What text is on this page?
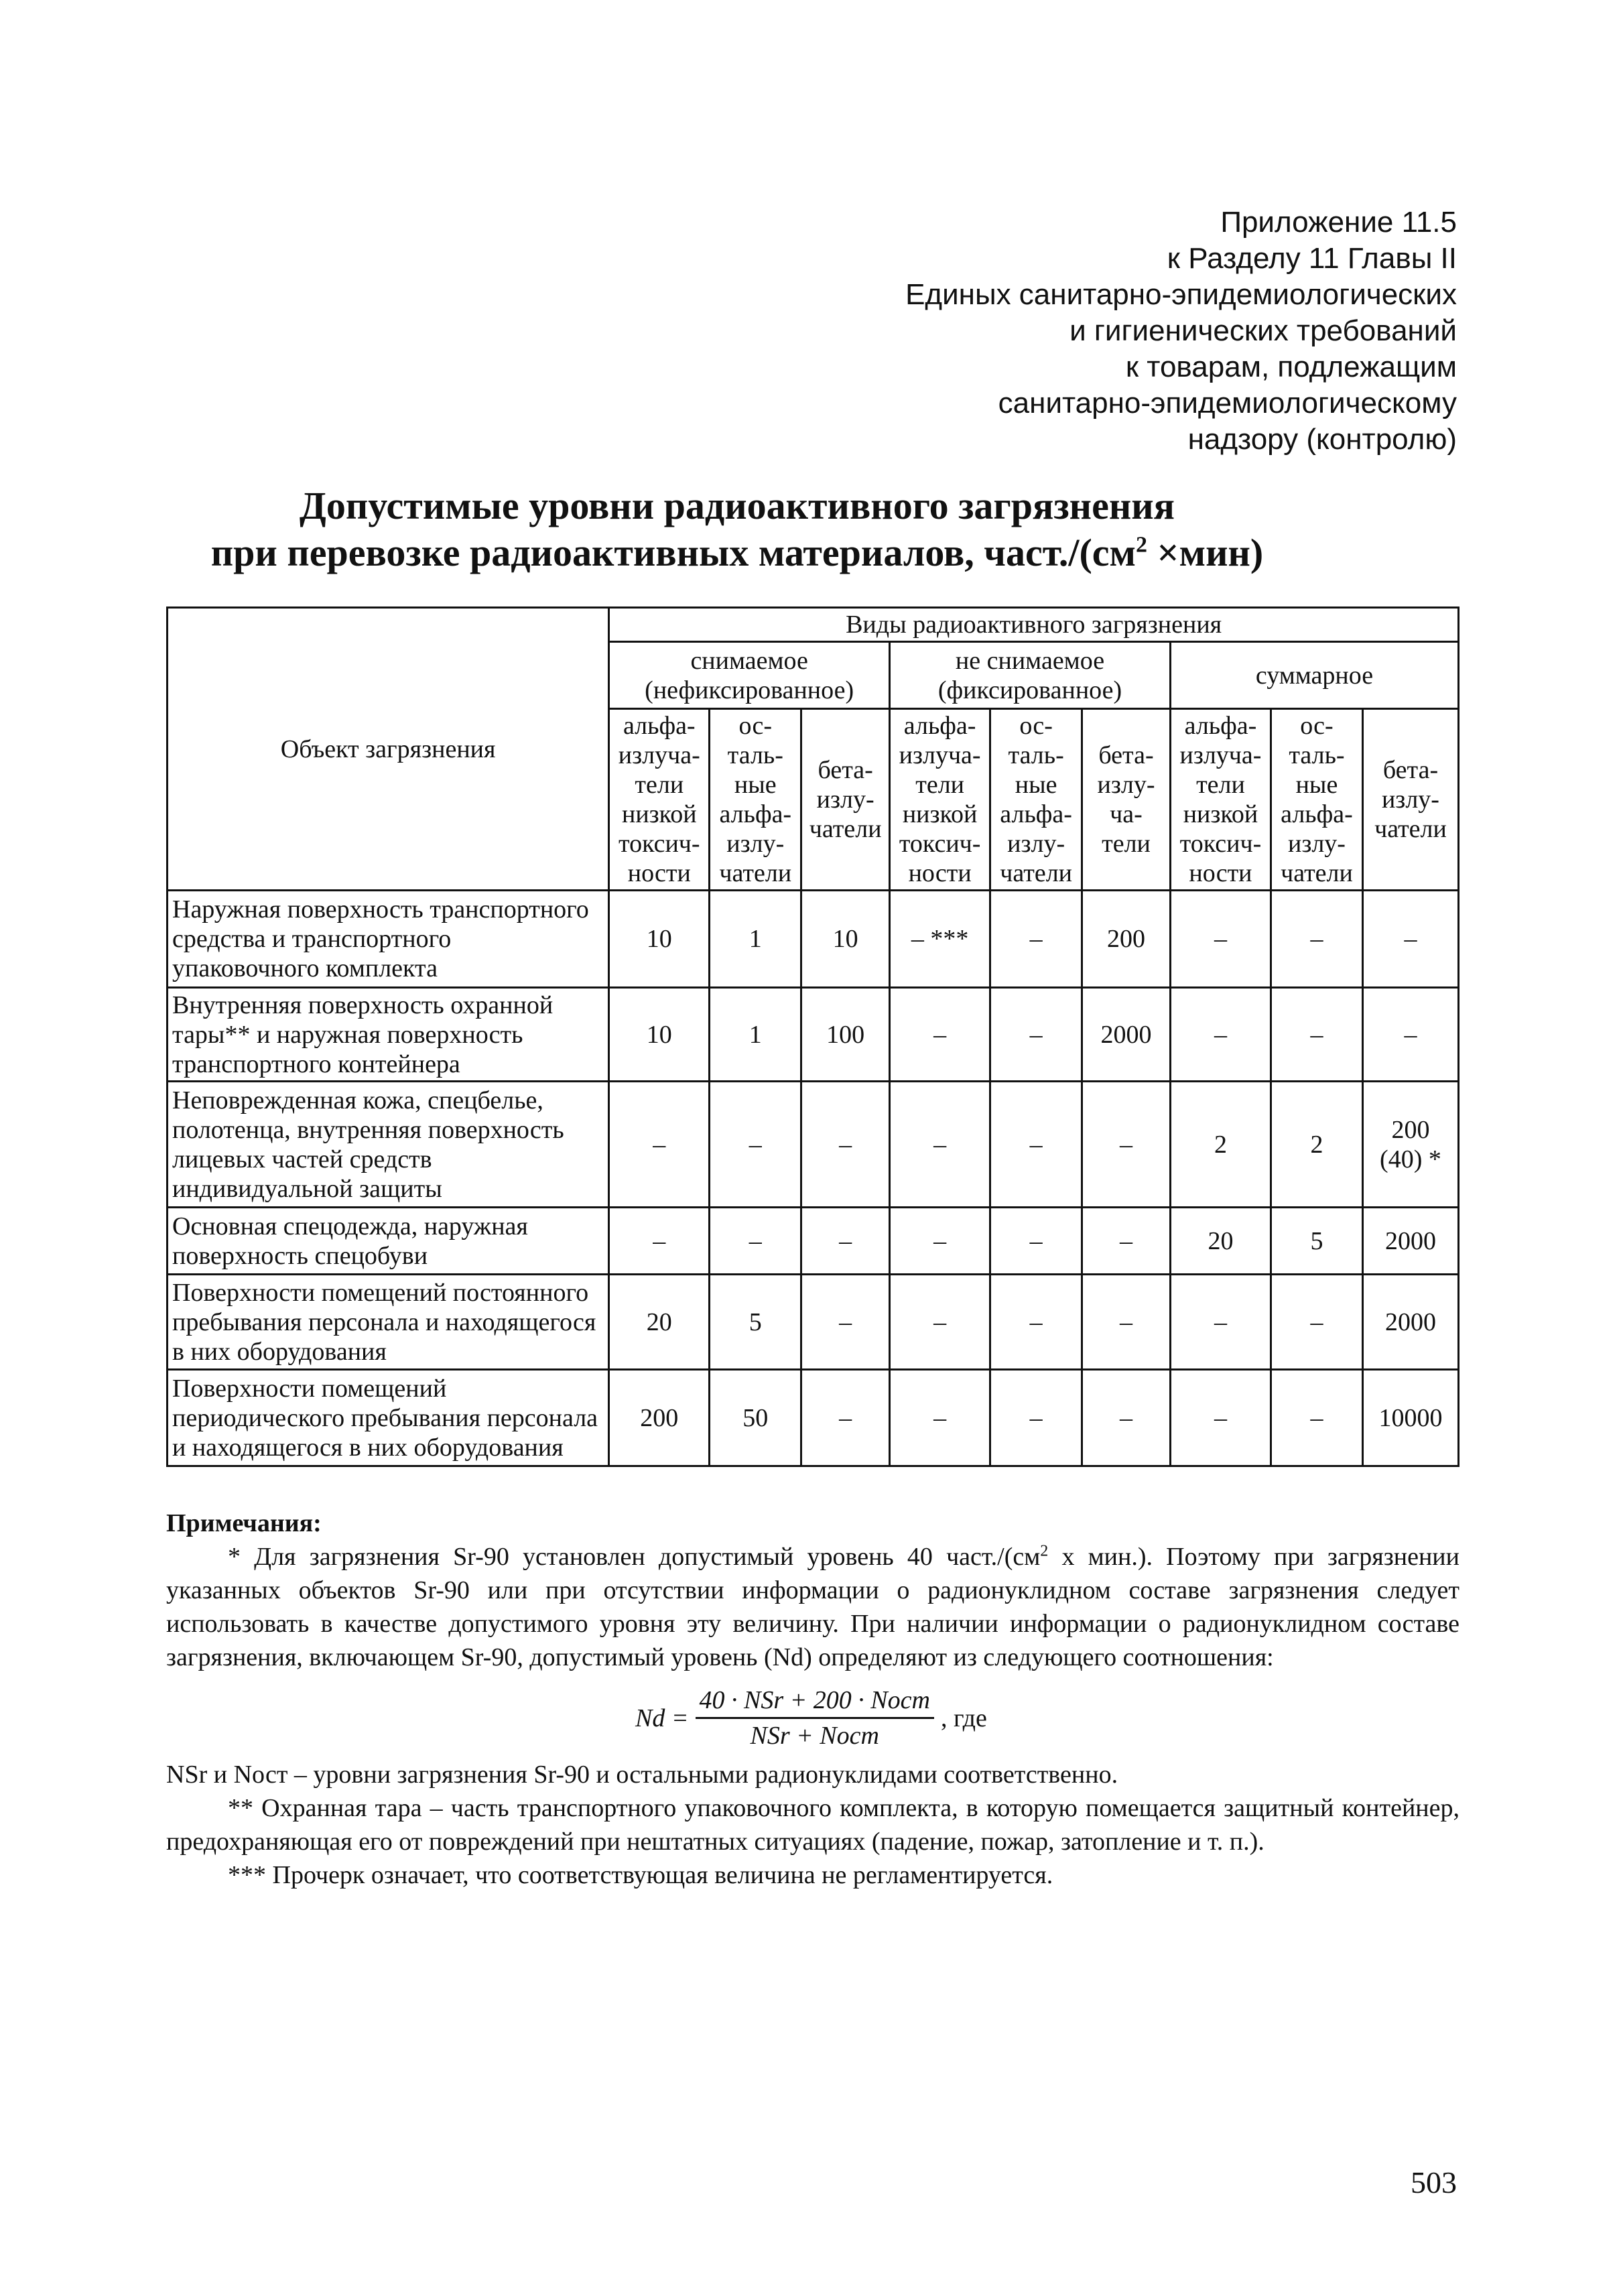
Приложение 11.5
к Разделу 11 Главы II
Единых санитарно-эпидемиологических
и гигиенических требований
к товарам, подлежащим
санитарно-эпидемиологическому
надзору (контролю)
Допустимые уровни радиоактивного загрязнения
при перевозке радиоактивных материалов, $част./(см^2 \times мин)$
Объект загрязнения	Виды радиоактивного загрязнения								
	снимаемое (нефиксированное)			не снимаемое (фиксированное)			суммарное		
	альфа-излуча-тели низкой токсич-ности	ос-таль-ные альфа-излу-чатели	бета-излу-чатели	альфа-излуча-тели низкой токсич-ности	ос-таль-ные альфа-излу-чатели	бета-излу-ча-тели	альфа-излуча-тели низкой токсич-ности	ос-таль-ные альфа-излу-чатели	бета-излу-чатели
Наружная поверхность транспортного средства и транспортного упаковочного комплекта	10	1	10	– ***	–	200	–	–	–
Внутренняя поверхность охранной тары** и наружная поверхность транспортного контейнера	10	1	100	–	–	2000	–	–	–
Неповрежденная кожа, спецбелье, полотенца, внутренняя поверхность лицевых частей средств индивидуальной защиты	–	–	–	–	–	–	2	2	200 (40) *
Основная спецодежда, наружная поверхность спецобуви	–	–	–	–	–	–	20	5	2000
Поверхности помещений постоянного пребывания персонала и находящегося в них оборудования	20	5	–	–	–	–	–	–	2000
Поверхности помещений периодического пребывания персонала и находящегося в них оборудования	200	50	–	–	–	–	–	–	10000

Примечания:

* Для загрязнения Sr-90 установлен допустимый уровень 40 $част./(см^2$ х мин.). Поэтому при загрязнении указанных объектов Sr-90 или при отсутствии информации о радионуклидном составе загрязнения следует использовать в качестве допустимого уровня эту величину. При наличии информации о радионуклидном составе загрязнения, включающем Sr-90, допустимый уровень (Nd) определяют из следующего соотношения:

$Nd = \frac{\text{40 · NSr + 200 · Nост}}{\text{NSr + Nост}}$ , где

NSr и Nост – уровни загрязнения Sr-90 и остальными радионуклидами соответственно.

** Охранная тара – часть транспортного упаковочного комплекта, в которую помещается защитный контейнер, предохраняющая его от повреждений при нештатных ситуациях (падение, пожар, затопление и т. п.).

*** Прочерк означает, что соответствующая величина не регламентируется.

503
